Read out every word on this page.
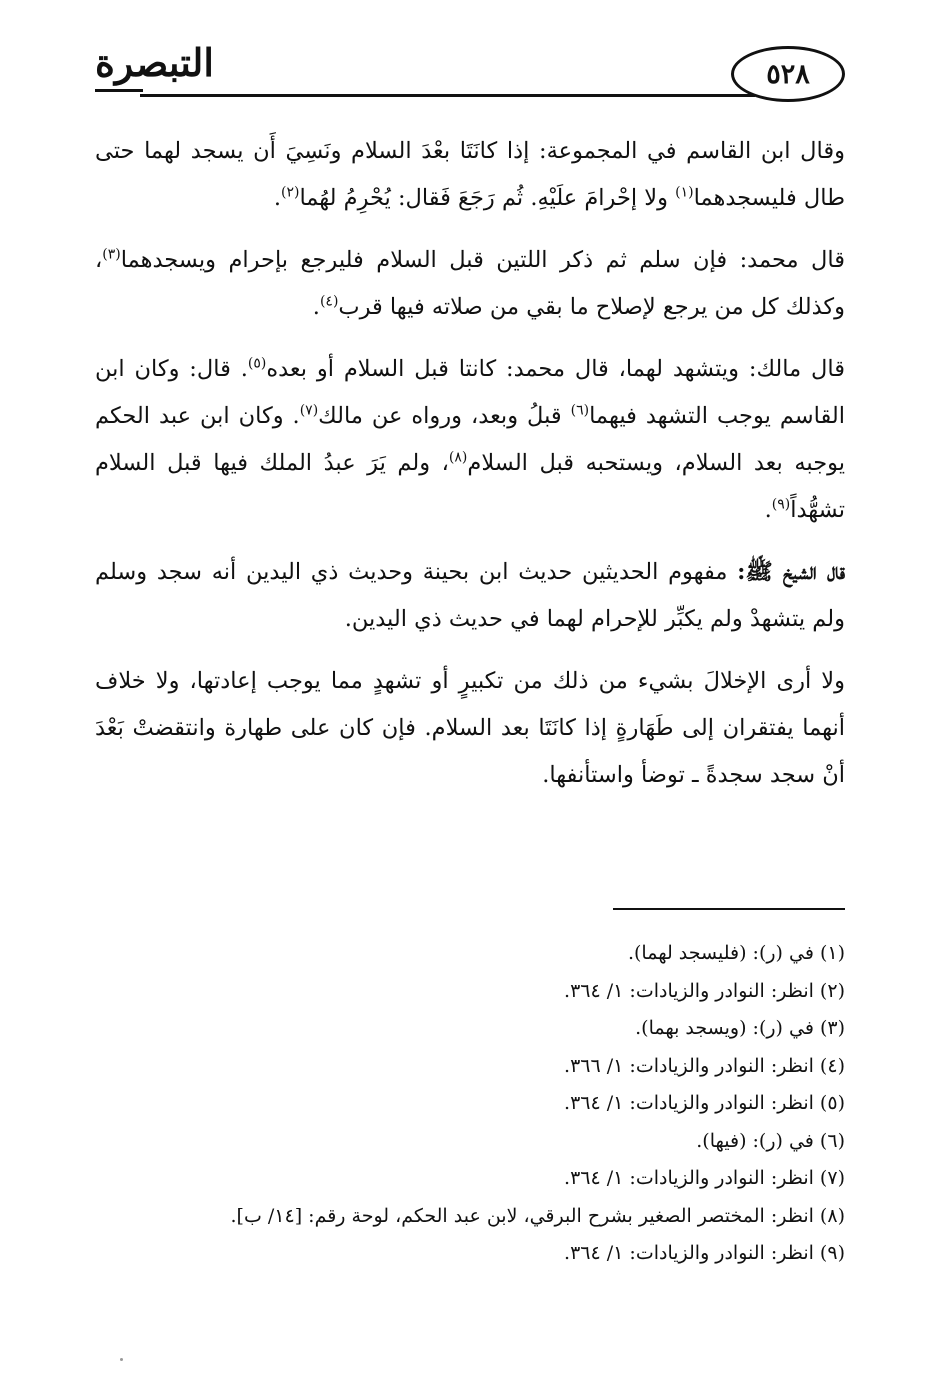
التبصرة	٥٢٨

وقال ابن القاسم في المجموعة: إذا كانَتَا بعْدَ السلام ونَسِيَ أَن يسجد لهما حتى طال فليسجدهما$^{(١)}$ ولا إحْرامَ علَيْهِ. ثُم رَجَعَ فَقال: يُحْرِمُ لهُما$^{(٢)}$.

قال محمد: فإن سلم ثم ذكر اللتين قبل السلام فليرجع بإحرام ويسجدهما$^{(٣)}$، وكذلك كل من يرجع لإصلاح ما بقي من صلاته فيها قرب$^{(٤)}$.

قال مالك: ويتشهد لهما، قال محمد: كانتا قبل السلام أو بعده$^{(٥)}$. قال: وكان ابن القاسم يوجب التشهد فيهما$^{(٦)}$ قبلُ وبعد، ورواه عن مالك$^{(٧)}$. وكان ابن عبد الحكم يوجبه بعد السلام، ويستحبه قبل السلام$^{(٨)}$، ولم يَرَ عبدُ الملك فيها قبل السلام تشهُّداً$^{(٩)}$.

قال الشيخ ﷺ: مفهوم الحديثين حديث ابن بحينة وحديث ذي اليدين أنه سجد وسلم ولم يتشهدْ ولم يكبِّر للإحرام لهما في حديث ذي اليدين.

ولا أرى الإخلالَ بشيء من ذلك من تكبيرٍ أو تشهدٍ مما يوجب إعادتها، ولا خلاف أنهما يفتقران إلى طَهَارةٍ إذا كانَتَا بعد السلام. فإن كان على طهارة وانتقضتْ بَعْدَ أنْ سجد سجدةً ـ توضأ واستأنفها.

(١) في (ر): (فليسجد لهما).

(٢) انظر: النوادر والزيادات: ١/ ٣٦٤.

(٣) في (ر): (ويسجد بهما).

(٤) انظر: النوادر والزيادات: ١/ ٣٦٦.

(٥) انظر: النوادر والزيادات: ١/ ٣٦٤.

(٦) في (ر): (فيها).

(٧) انظر: النوادر والزيادات: ١/ ٣٦٤.

(٨) انظر: المختصر الصغير بشرح البرقي، لابن عبد الحكم، لوحة رقم: [١٤/ ب].

(٩) انظر: النوادر والزيادات: ١/ ٣٦٤.
